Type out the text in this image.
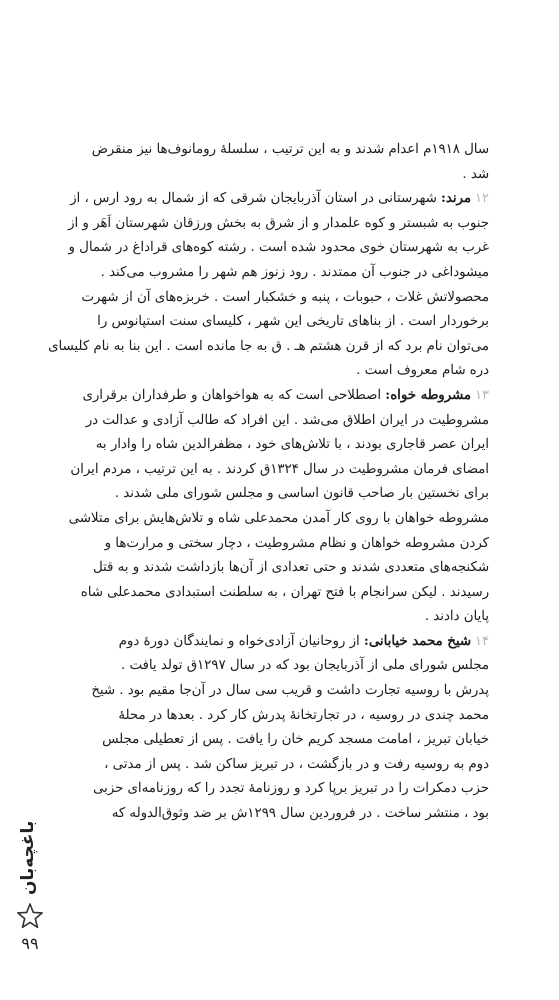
سال ۱۹۱۸م اعدام شدند و به این ترتیب ، سلسلهٔ رومانوف‌ها نیز منقرض
شد .
۱۲مرند: شهرستانی در استان آذربایجان شرقی که از شمال به رود ارس ، از
جنوب به شبستر و کوه علمدار و از شرق به بخش ورزقان شهرستان اَهَر و از
غرب به شهرستان خوی محدود شده است . رشته کوه‌های قراداغ در شمال و
میشوداغی در جنوب آن ممتدند . رود زنوز هم شهر را مشروب می‌کند .
محصولاتش غلات ، حبوبات ، پنبه و خشکبار است . خربزه‌های آن از شهرت
برخوردار است . از بناهای تاریخی این شهر ، کلیسای سنت استپانوس را
می‌توان نام برد که از قرن هشتم هـ . ق به جا مانده است . این بنا به نام کلیسای
دره شام معروف است .
۱۳مشروطه خواه: اصطلاحی است که به هواخواهان و طرفداران برقراری
مشروطیت در ایران اطلاق می‌شد . این افراد که طالب آزادی و عدالت در
ایران عصر قاجاری بودند ، با تلاش‌های خود ، مظفرالدین شاه را وادار به
امضای فرمان مشروطیت در سال ۱۳۲۴ق کردند . به این ترتیب ، مردم ایران
برای نخستین بار صاحب قانون اساسی و مجلس شورای ملی شدند .
مشروطه خواهان با روی کار آمدن محمدعلی شاه و تلاش‌هایش برای متلاشی
کردن مشروطه خواهان و نظام مشروطیت ، دچار سختی و مرارت‌ها و
شکنجه‌های متعددی شدند و حتی تعدادی از آن‌ها بازداشت شدند و به قتل
رسیدند . لیکن سرانجام با فتح تهران ، به سلطنت استبدادی محمدعلی شاه
پایان دادند .
۱۴شیخ محمد خیابانی: از روحانیان آزادی‌خواه و نمایندگان دورهٔ دوم
مجلس شورای ملی از آذربایجان بود که در سال ۱۲۹۷ق تولد یافت .
پدرش با روسیه تجارت داشت و قریب سی سال در آن‌جا مقیم بود . شیخ
محمد چندی در روسیه ، در تجارتخانهٔ پدرش کار کرد . بعدها در محلهٔ
خیابان تبریز ، امامت مسجد کریم خان را یافت . پس از تعطیلی مجلس
دوم به روسیه رفت و در بازگشت ، در تبریز ساکن شد . پس از مدتی ،
حزب دمکرات را در تبریز برپا کرد و روزنامهٔ تجدد را که روزنامه‌ای حزبی
بود ، منتشر ساخت . در فروردین سال ۱۲۹۹ش بر ضد وثوق‌الدوله که
باغچه‌بان
۹۹
